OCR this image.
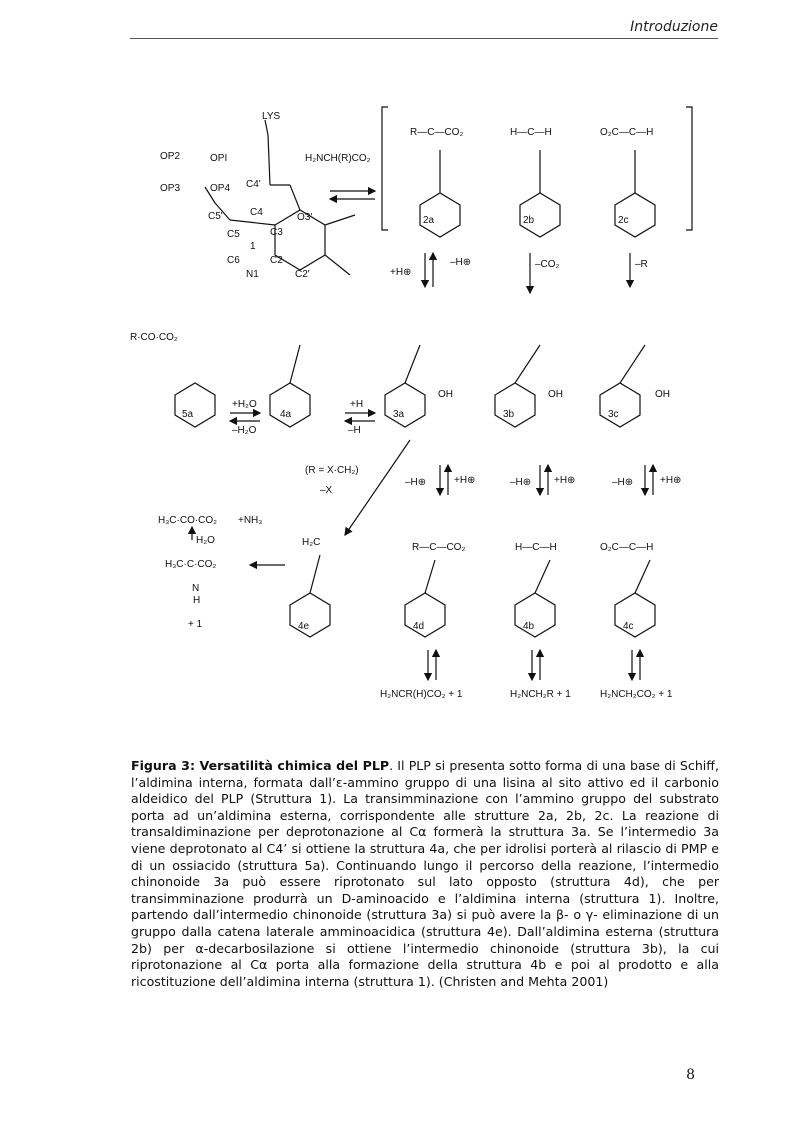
Introduzione
LYS
OP2	OPI
OP3	OP4
C5'
C4'
C4
C5	C3
C6	C2
C2'
N1
1
O3'
H₂NCH(R)CO₂
2a	2b	2c
R—C—CO₂	H—C—H	O₂C—C—H
+H⊕
–H⊕	–CO₂	–R
R·CO·CO₂
5a	4a	3a	3b	3c
+H₂O
–H₂O
+H
–H
OH	OH	OH
(R = X·CH₂)
–X
–H⊕	+H⊕	–H⊕ +H⊕	–H⊕	+H⊕
H₃C·CO·CO₂ +NH₃
H₂O
H₃C·C·CO₂
N
H
+ 1
H₂C
4e	4d	4b	4c
R—C—CO₂	H—C—H	O₂C—C—H
H₂NCR(H)CO₂ + 1	H₂NCH₂R + 1	H₂NCH₂CO₂ + 1
Figura 3: Versatilità chimica del PLP. Il PLP si presenta sotto forma di una base di Schiff, l’aldimina interna, formata dall’ε-ammino gruppo di una lisina al sito attivo ed il carbonio aldeidico del PLP (Struttura 1). La transimminazione con l’ammino gruppo del substrato porta ad un’aldimina esterna, corrispondente alle strutture 2a, 2b, 2c. La reazione di transaldiminazione per deprotonazione al Cα formerà la struttura 3a. Se l’intermedio 3a viene deprotonato al C4’ si ottiene la struttura 4a, che per idrolisi porterà al rilascio di PMP e di un ossiacido (struttura 5a). Continuando lungo il percorso della reazione, l’intermedio chinonoide 3a può essere riprotonato sul lato opposto (struttura 4d), che per transimminazione produrrà un D-aminoacido e l’aldimina interna (struttura 1). Inoltre, partendo dall’intermedio chinonoide (struttura 3a) si può avere la β- o γ- eliminazione di un gruppo dalla catena laterale amminoacidica (struttura 4e). Dall’aldimina esterna (struttura 2b) per α-decarbosilazione si ottiene l’intermedio chinonoide (struttura 3b), la cui riprotonazione al Cα porta alla formazione della struttura 4b e poi al prodotto e alla ricostituzione dell’aldimina interna (struttura 1). (Christen and Mehta 2001)
8
